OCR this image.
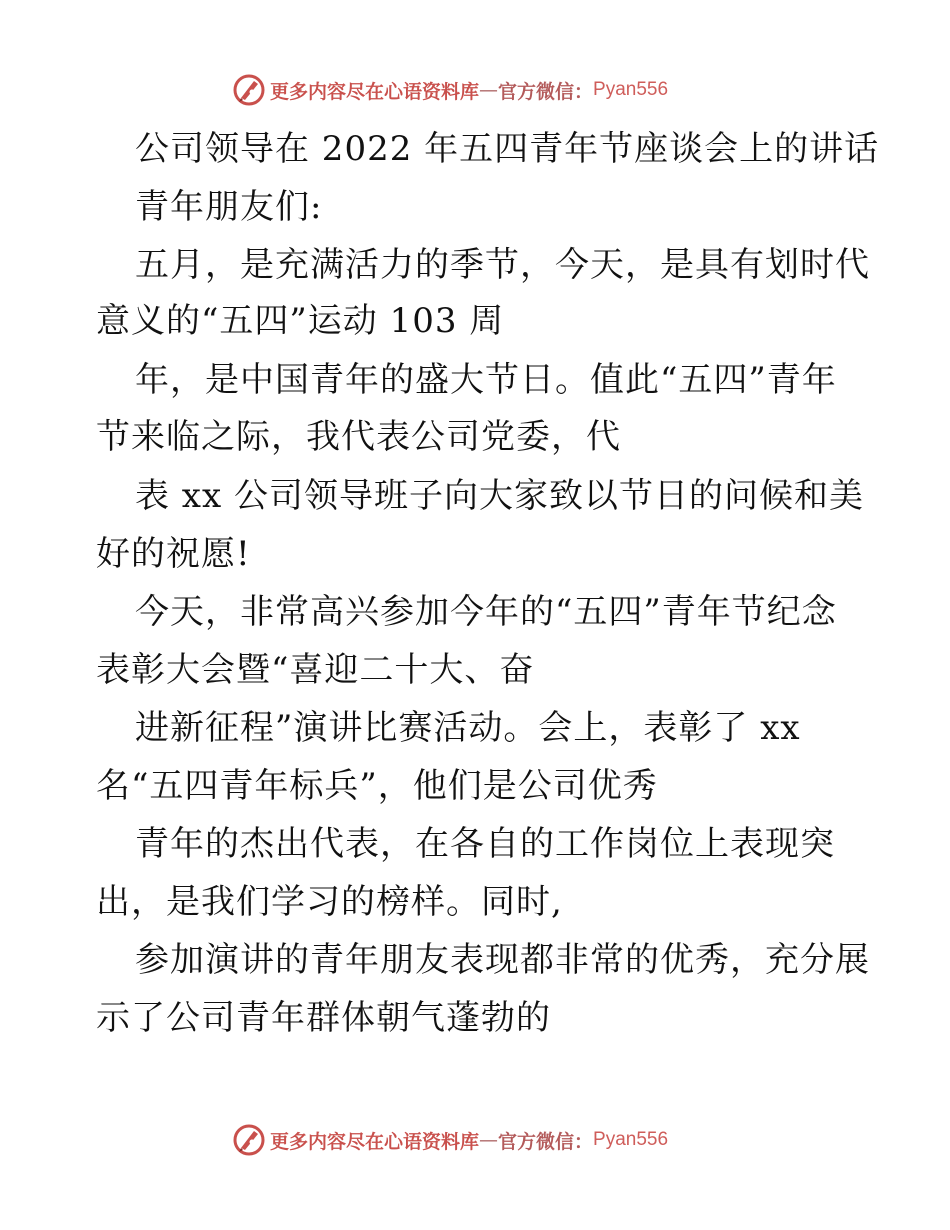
更多内容尽在心语资料库 — 官方微信： Pyan556
公司领导在 2022 年五四青年节座谈会上的讲话
青年朋友们:
五月，是充满活力的季节，今天，是具有划时代
意义的“五四”运动 103 周
年，是中国青年的盛大节日。值此“五四”青年
节来临之际，我代表公司党委，代
表 xx 公司领导班子向大家致以节日的问候和美
好的祝愿!
今天，非常高兴参加今年的“五四”青年节纪念
表彰大会暨“喜迎二十大、奋
进新征程”演讲比赛活动。会上，表彰了 xx
名“五四青年标兵”，他们是公司优秀
青年的杰出代表，在各自的工作岗位上表现突
出，是我们学习的榜样。同时,
参加演讲的青年朋友表现都非常的优秀，充分展
示了公司青年群体朝气蓬勃的
更多内容尽在心语资料库 — 官方微信： Pyan556
